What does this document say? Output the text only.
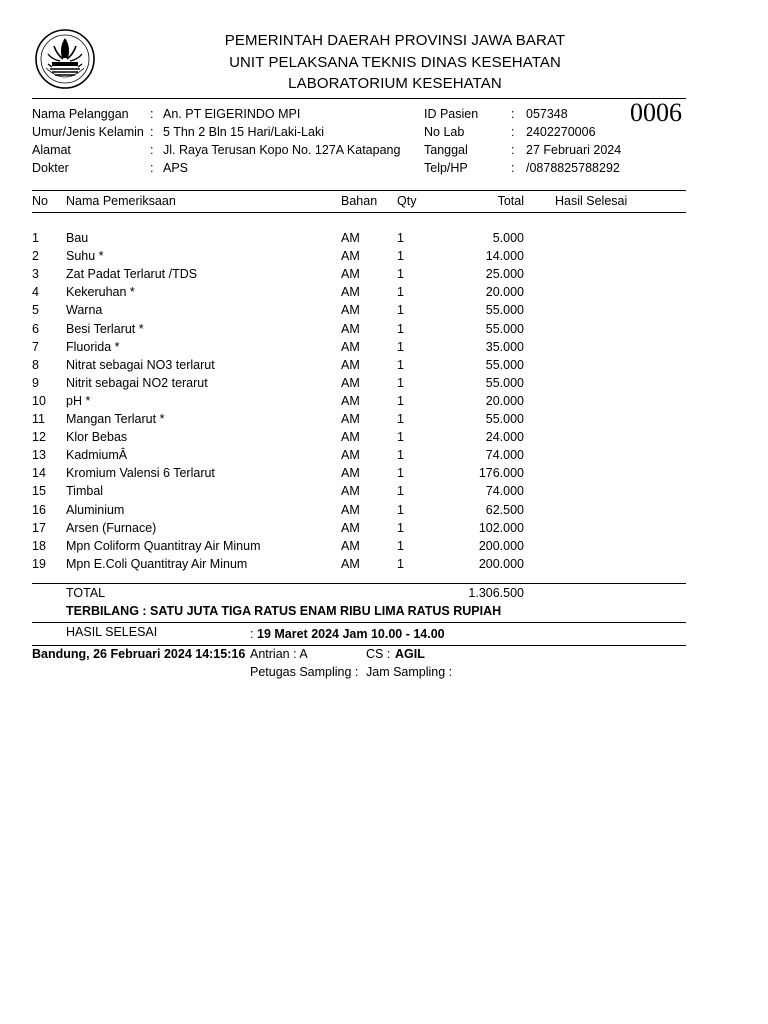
PEMERINTAH DAERAH PROVINSI JAWA BARAT
UNIT PELAKSANA TEKNIS DINAS KESEHATAN
LABORATORIUM KESEHATAN
0006
Nama Pelanggan : An. PT EIGERINDO MPI
Umur/Jenis Kelamin : 5 Thn 2 Bln 15 Hari/Laki-Laki
Alamat	: Jl. Raya Terusan Kopo No. 127A Katapang
Dokter	: APS
ID Pasien	: 057348
No Lab	: 2402270006
Tanggal	: 27 Februari 2024
Telp/HP	: /0878825788292
No Nama Pemeriksaan	Bahan Qty	Total Hasil Selesai
1 Bau	AM	1	5.000
2 Suhu *	AM	1	14.000
3 Zat Padat Terlarut /TDS	AM	1	25.000
4 Kekeruhan *	AM	1	20.000
5 Warna	AM	1	55.000
6 Besi Terlarut *	AM	1	55.000
7 Fluorida *	AM	1	35.000
8 Nitrat sebagai NO3 terlarut	AM	1	55.000
9 Nitrit sebagai NO2 terarut	AM	1	55.000
10 pH *	AM	1	20.000
11 Mangan Terlarut *	AM	1	55.000
12 Klor Bebas	AM	1	24.000
13 KadmiumÂ	AM	1	74.000
14 Kromium Valensi 6 Terlarut	AM	1	176.000
15 Timbal	AM	1	74.000
16 Aluminium	AM	1	62.500
17 Arsen (Furnace)	AM	1	102.000
18 Mpn Coliform Quantitray Air Minum	AM	1	200.000
19 Mpn E.Coli Quantitray Air Minum	AM	1	200.000
TOTAL	1.306.500
TERBILANG : SATU JUTA TIGA RATUS ENAM RIBU LIMA RATUS RUPIAH
HASIL SELESAI	: 19 Maret 2024 Jam 10.00 - 14.00
Bandung, 26 Februari 2024 14:15:16 Antrian : A	CS : AGIL
Petugas Sampling : Jam Sampling :
